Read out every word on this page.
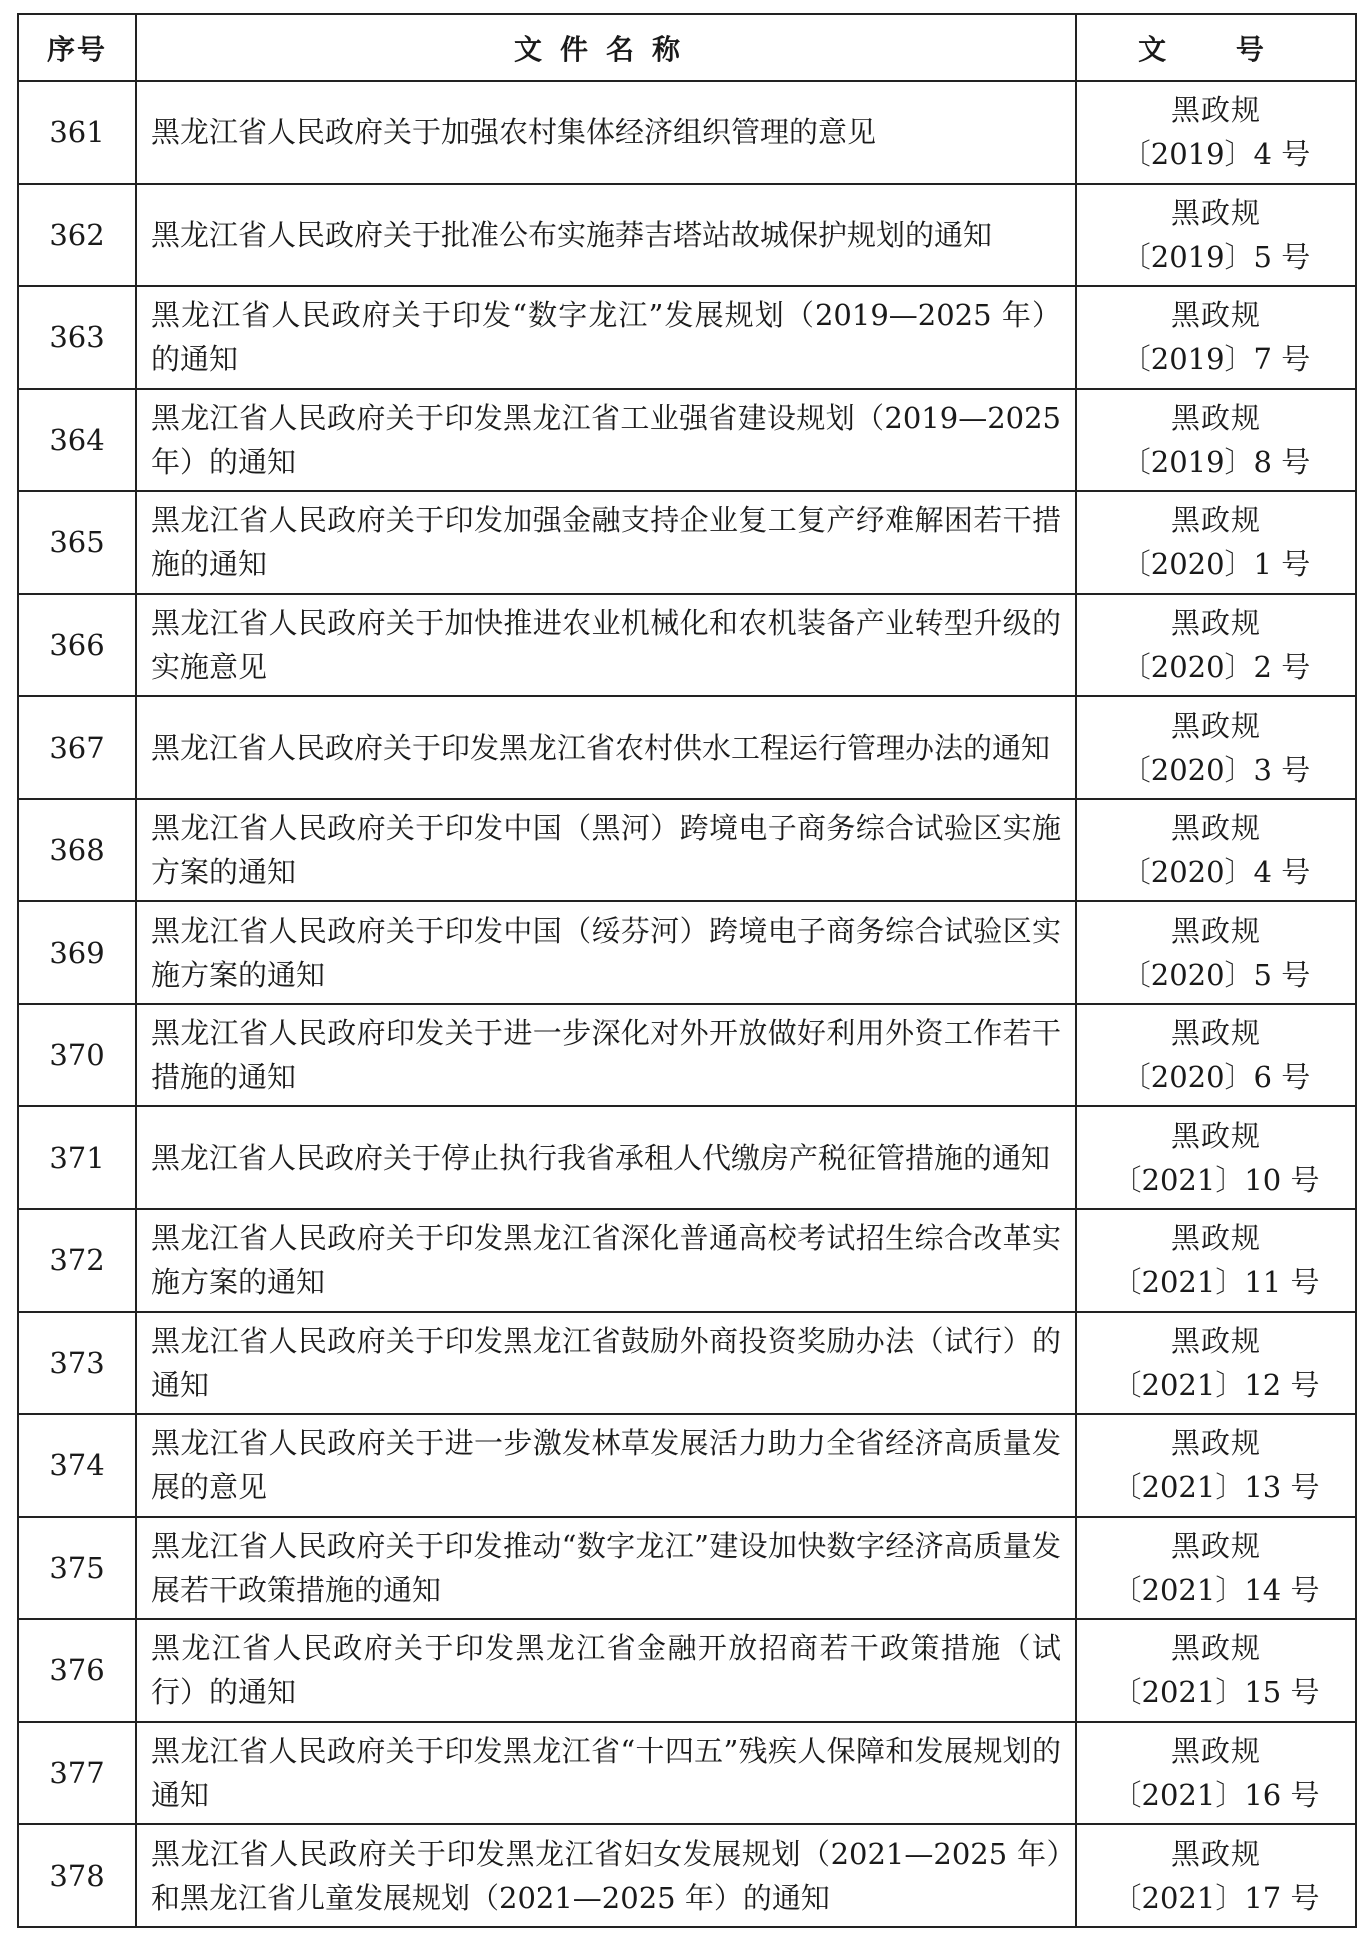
序号	文件名称	文 号
361	黑龙江省人民政府关于加强农村集体经济组织管理的意见	黑政规
〔2019〕4 号

362	黑龙江省人民政府关于批准公布实施莽吉塔站故城保护规划的通知	黑政规
〔2019〕5 号

363	黑龙江省人民政府关于印发“数字龙江”发展规划（2019—2025 年）的通知	黑政规
〔2019〕7 号

364	黑龙江省人民政府关于印发黑龙江省工业强省建设规划（2019—2025 年）的通知	黑政规
〔2019〕8 号

365	黑龙江省人民政府关于印发加强金融支持企业复工复产纾难解困若干措施的通知	黑政规
〔2020〕1 号

366	黑龙江省人民政府关于加快推进农业机械化和农机装备产业转型升级的实施意见	黑政规
〔2020〕2 号

367	黑龙江省人民政府关于印发黑龙江省农村供水工程运行管理办法的通知	黑政规
〔2020〕3 号

368	黑龙江省人民政府关于印发中国（黑河）跨境电子商务综合试验区实施方案的通知	黑政规
〔2020〕4 号

369	黑龙江省人民政府关于印发中国（绥芬河）跨境电子商务综合试验区实施方案的通知	黑政规
〔2020〕5 号

370	黑龙江省人民政府印发关于进一步深化对外开放做好利用外资工作若干措施的通知	黑政规
〔2020〕6 号

371	黑龙江省人民政府关于停止执行我省承租人代缴房产税征管措施的通知	黑政规
〔2021〕10 号

372	黑龙江省人民政府关于印发黑龙江省深化普通高校考试招生综合改革实施方案的通知	黑政规
〔2021〕11 号

373	黑龙江省人民政府关于印发黑龙江省鼓励外商投资奖励办法（试行）的通知	黑政规
〔2021〕12 号

374	黑龙江省人民政府关于进一步激发林草发展活力助力全省经济高质量发展的意见	黑政规
〔2021〕13 号

375	黑龙江省人民政府关于印发推动“数字龙江”建设加快数字经济高质量发展若干政策措施的通知	黑政规
〔2021〕14 号

376	黑龙江省人民政府关于印发黑龙江省金融开放招商若干政策措施（试行）的通知	黑政规
〔2021〕15 号

377	黑龙江省人民政府关于印发黑龙江省“十四五”残疾人保障和发展规划的通知	黑政规
〔2021〕16 号

378	黑龙江省人民政府关于印发黑龙江省妇女发展规划（2021—2025 年）和黑龙江省儿童发展规划（2021—2025 年）的通知	黑政规
〔2021〕17 号
